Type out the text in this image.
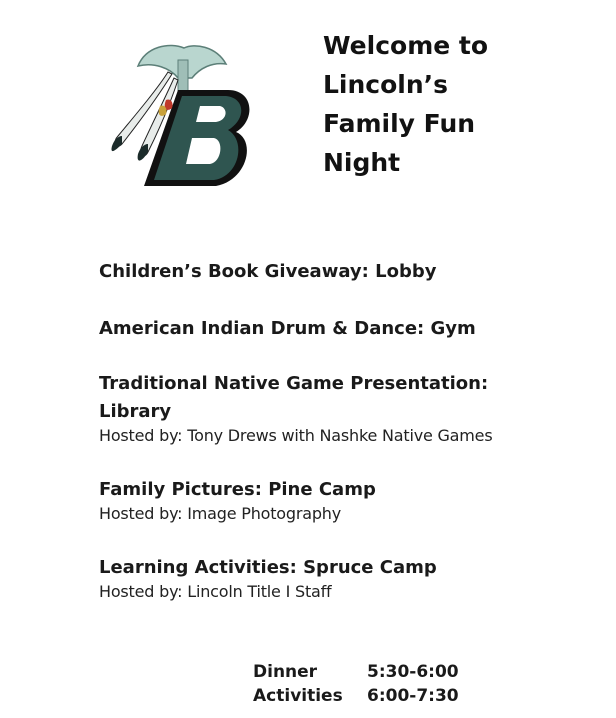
Welcome to
Lincoln’s
Family Fun
Night
Children’s Book Giveaway: Lobby
American Indian Drum & Dance: Gym
Traditional Native Game Presentation:
Library
Hosted by: Tony Drews with Nashke Native Games
Family Pictures: Pine Camp
Hosted by: Image Photography
Learning Activities: Spruce Camp
Hosted by: Lincoln Title I Staff
Dinner	5:30-6:00
Activities	6:00-7:30
